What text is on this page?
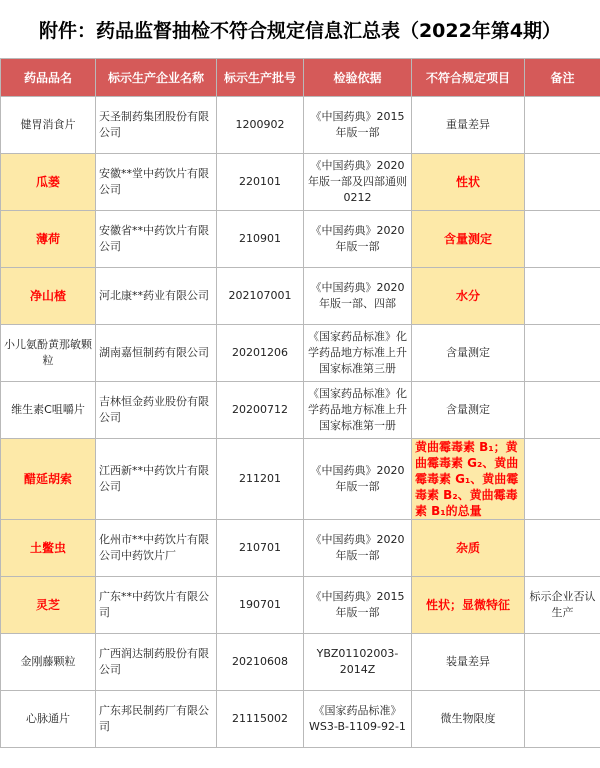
附件：药品监督抽检不符合规定信息汇总表（2022年第4期）
药品品名	标示生产企业名称	标示生产批号	检验依据	不符合规定项目	备注
健胃消食片	天圣制药集团股份有限公司	1200902	《中国药典》2015年版一部	重量差异	
瓜蒌	安徽**堂中药饮片有限公司	220101	《中国药典》2020年版一部及四部通则0212	性状	
薄荷	安徽省**中药饮片有限公司	210901	《中国药典》2020年版一部	含量测定	
净山楂	河北康**药业有限公司	202107001	《中国药典》2020年版一部、四部	水分	
小儿氨酚黄那敏颗粒	湖南嘉恒制药有限公司	20201206	《国家药品标准》化学药品地方标准上升国家标准第三册	含量测定	
维生素C咀嚼片	吉林恒金药业股份有限公司	20200712	《国家药品标准》化学药品地方标准上升国家标准第一册	含量测定	
醋延胡索	江西新**中药饮片有限公司	211201	《中国药典》2020年版一部	黄曲霉毒素 B₁；黄曲霉毒素 G₂、黄曲霉毒素 G₁、黄曲霉毒素 B₂、黄曲霉毒素 B₁的总量	
土鳖虫	化州市**中药饮片有限公司中药饮片厂	210701	《中国药典》2020年版一部	杂质	
灵芝	广东**中药饮片有限公司	190701	《中国药典》2015年版一部	性状；显微特征	标示企业否认生产
金刚藤颗粒	广西润达制药股份有限公司	20210608	YBZ01102003-2014Z	装量差异	
心脉通片	广东邦民制药厂有限公司	21115002	《国家药品标准》WS3-B-1109-92-1	微生物限度	
